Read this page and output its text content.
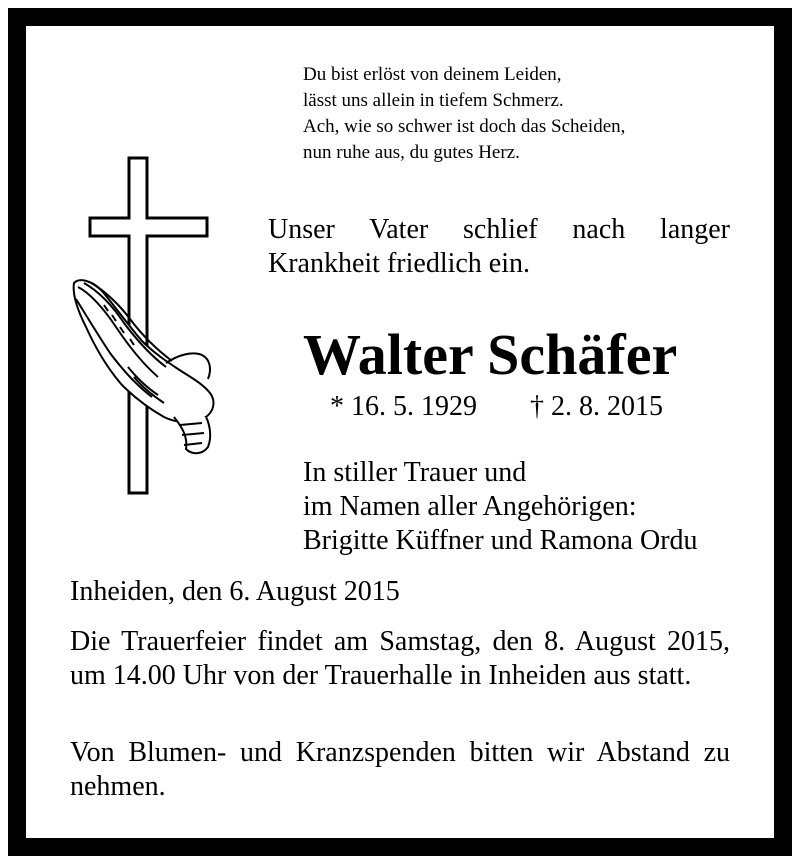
Du bist erlöst von deinem Leiden,
lässt uns allein in tiefem Schmerz.
Ach, wie so schwer ist doch das Scheiden,
nun ruhe aus, du gutes Herz.
Unser Vater schlief nach langer
Krankheit friedlich ein.
Walter Schäfer
* 16. 5. 1929 † 2. 8. 2015
In stiller Trauer und
im Namen aller Angehörigen:
Brigitte Küffner und Ramona Ordu
Inheiden, den 6. August 2015
Die Trauerfeier findet am Samstag, den 8. August 2015, um 14.00 Uhr von der Trauerhalle in Inheiden aus statt.
Von Blumen- und Kranzspenden bitten wir Abstand zu nehmen.
